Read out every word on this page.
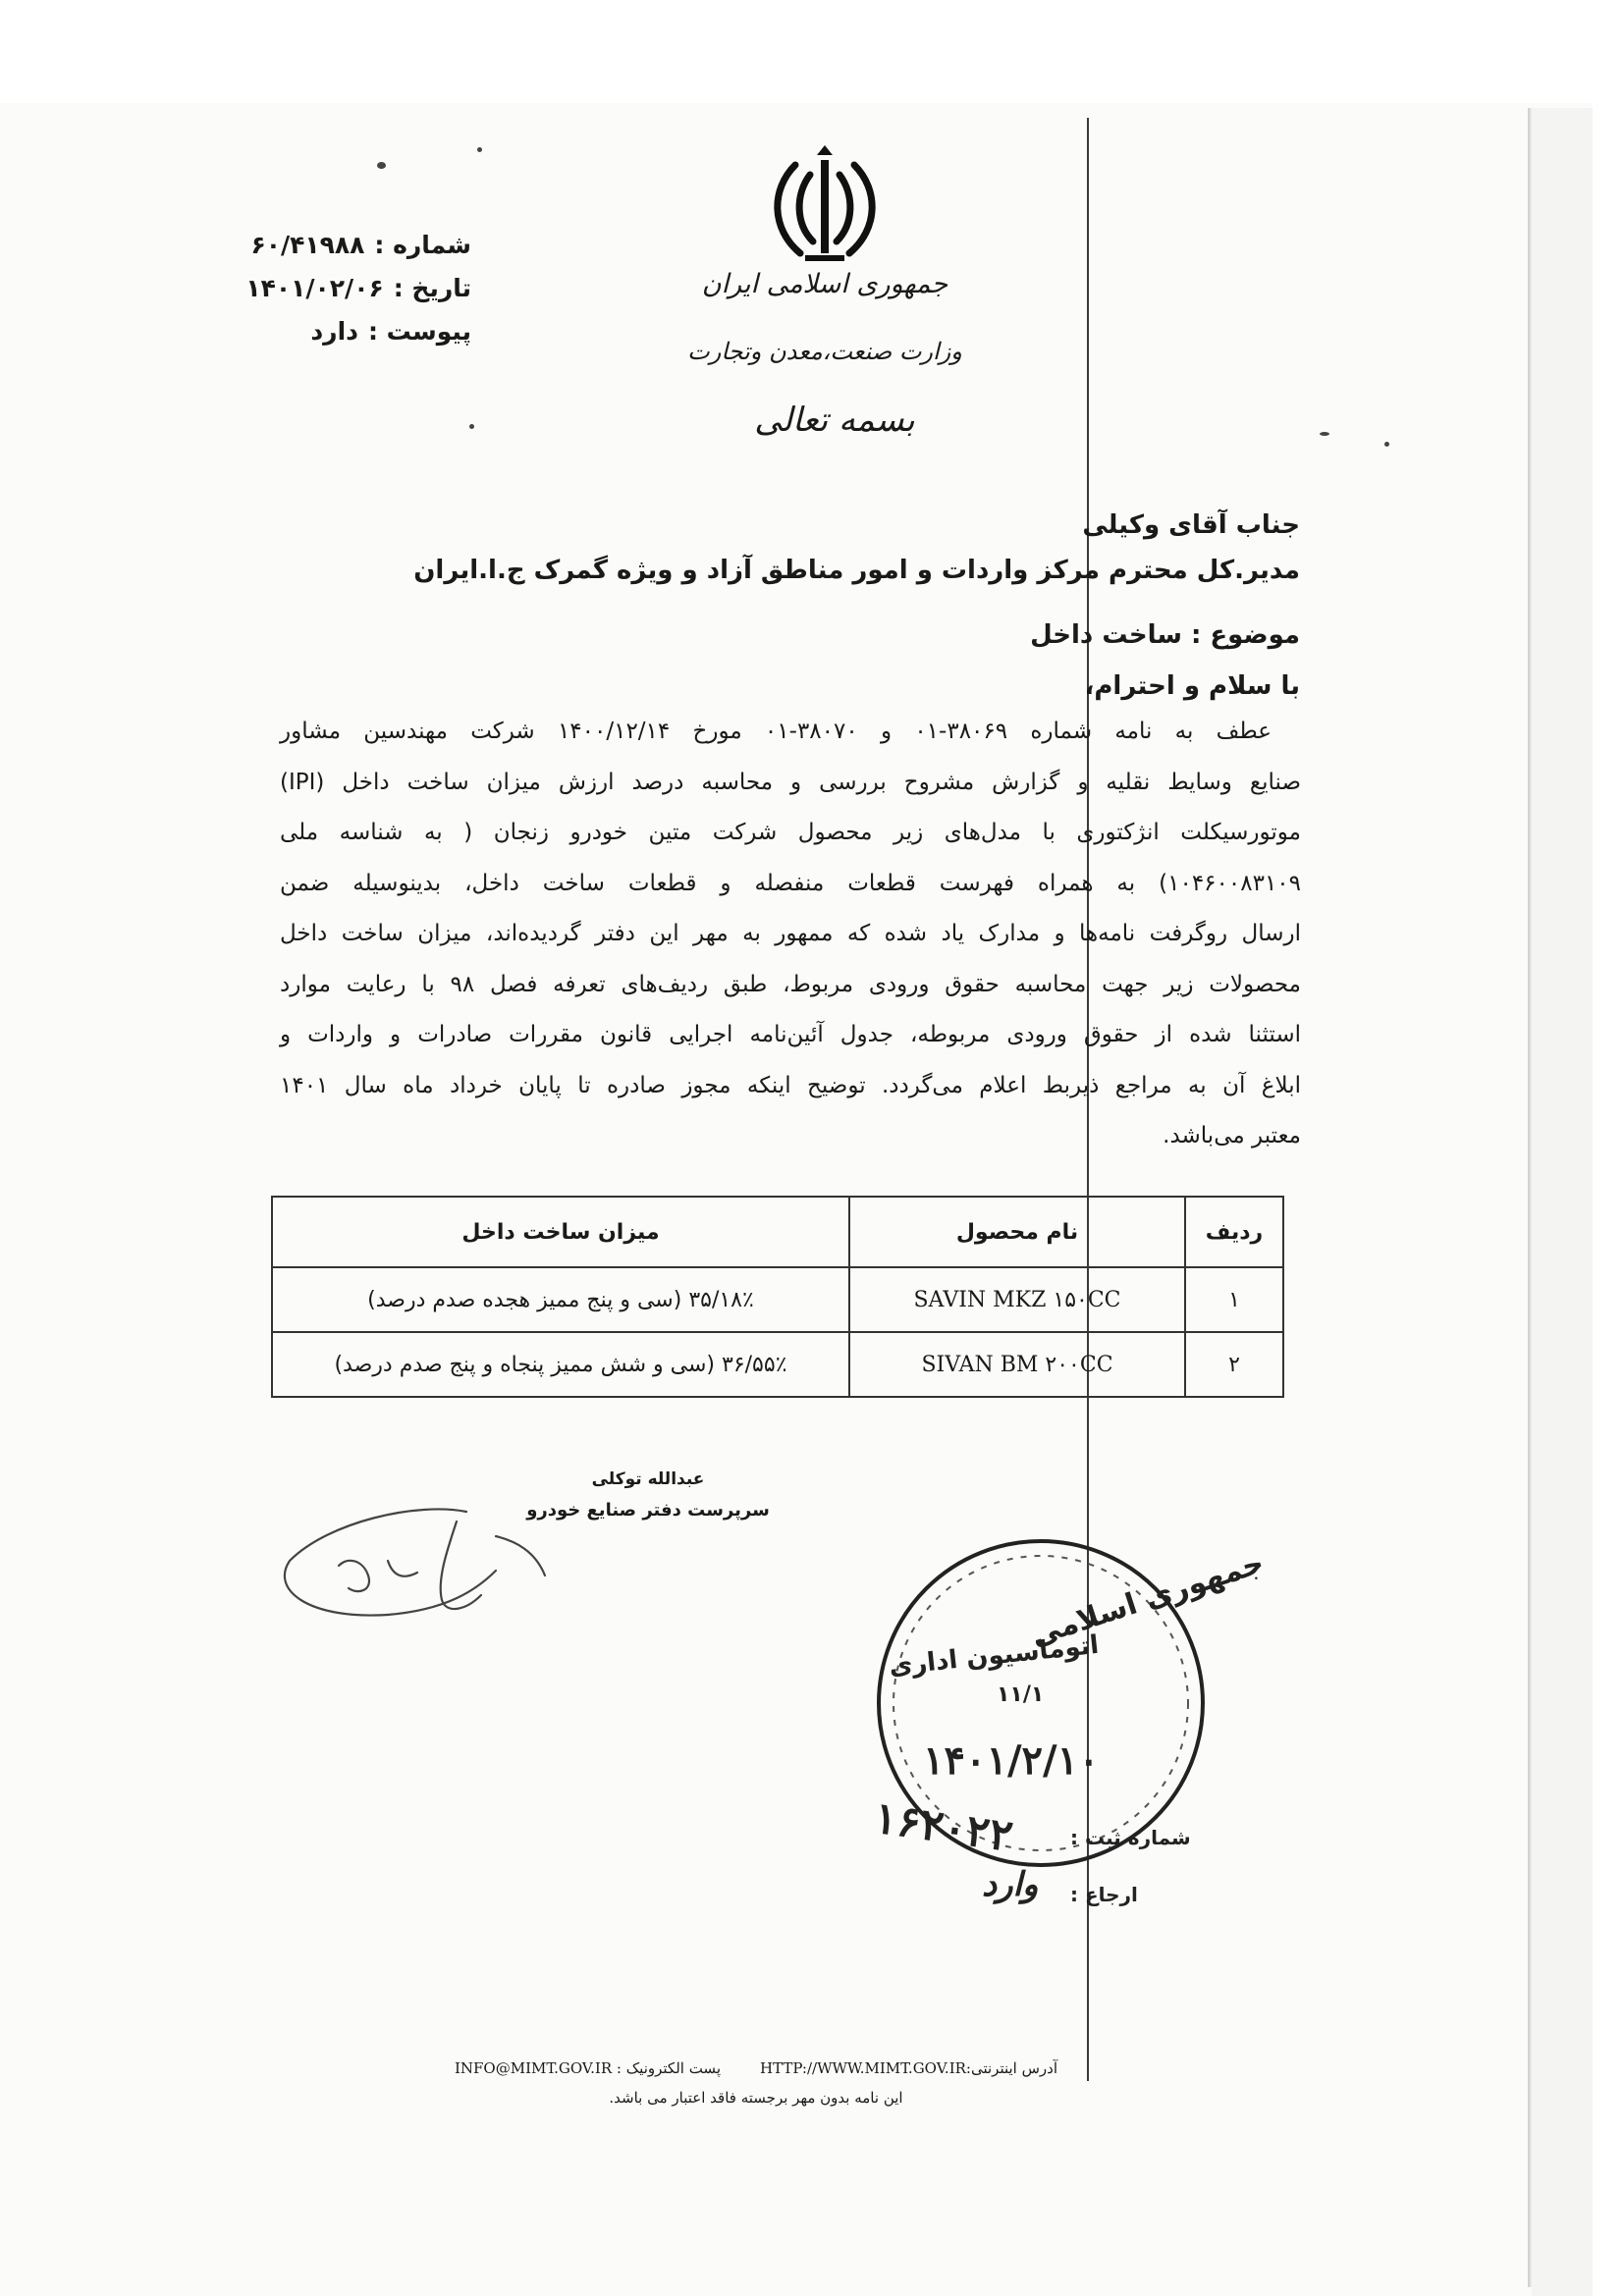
شماره :۶۰/۴۱۹۸۸
تاریخ :۱۴۰۱/۰۲/۰۶
پیوست :دارد
جمهوری اسلامی ایران
وزارت صنعت،معدن وتجارت
بسمه تعالی
جناب آقای وکیلی
مدیر.کل محترم مرکز واردات و امور مناطق آزاد و ویژه گمرک ج.ا.ایران
موضوع : ساخت داخل
با سلام و احترام،
عطف به نامه شماره ۳۸۰۶۹-۰۱ و ۳۸۰۷۰-۰۱ مورخ ۱۴۰۰/۱۲/۱۴ شرکت مهندسین مشاور
صنایع وسایط نقلیه و گزارش مشروح بررسی و محاسبه درصد ارزش میزان ساخت داخل (IPI)
موتورسیکلت انژکتوری با مدل‌های زیر محصول شرکت متین خودرو زنجان ( به شناسه ملی
۱۰۴۶۰۰۸۳۱۰۹) به همراه فهرست قطعات منفصله و قطعات ساخت داخل، بدینوسیله ضمن
ارسال روگرفت نامه‌ها و مدارک یاد شده که ممهور به مهر این دفتر گردیده‌اند، میزان ساخت داخل
محصولات زیر جهت محاسبه حقوق ورودی مربوط، طبق ردیف‌های تعرفه فصل ۹۸ با رعایت موارد
استثنا شده از حقوق ورودی مربوطه، جدول آئین‌نامه اجرایی قانون مقررات صادرات و واردات و
ابلاغ آن به مراجع ذیربط اعلام می‌گردد. توضیح اینکه مجوز صادره تا پایان خرداد ماه سال ۱۴۰۱
معتبر می‌باشد.
ردیف	نام محصول	میزان ساخت داخل
۱	SAVIN MKZ ۱۵۰CC	۳۵/۱۸٪ (سی و پنج ممیز هجده صدم درصد)
۲	SIVAN BM ۲۰۰CC	۳۶/۵۵٪ (سی و شش ممیز پنجاه و پنج صدم درصد)
عبدالله توکلی
سرپرست دفتر صنایع خودرو
جمهوری اسلامی
اتوماسیون اداری
۱۱/۱
۱۴۰۱/۲/۱۰
۱۶۲۰۲۲	شماره ثبت :
ارجاع :
وارد
آدرس اینترنتی:HTTP://WWW.MIMT.GOV.IRپست الکترونیک : INFO@MIMT.GOV.IR
این نامه بدون مهر برجسته فاقد اعتبار می باشد.
